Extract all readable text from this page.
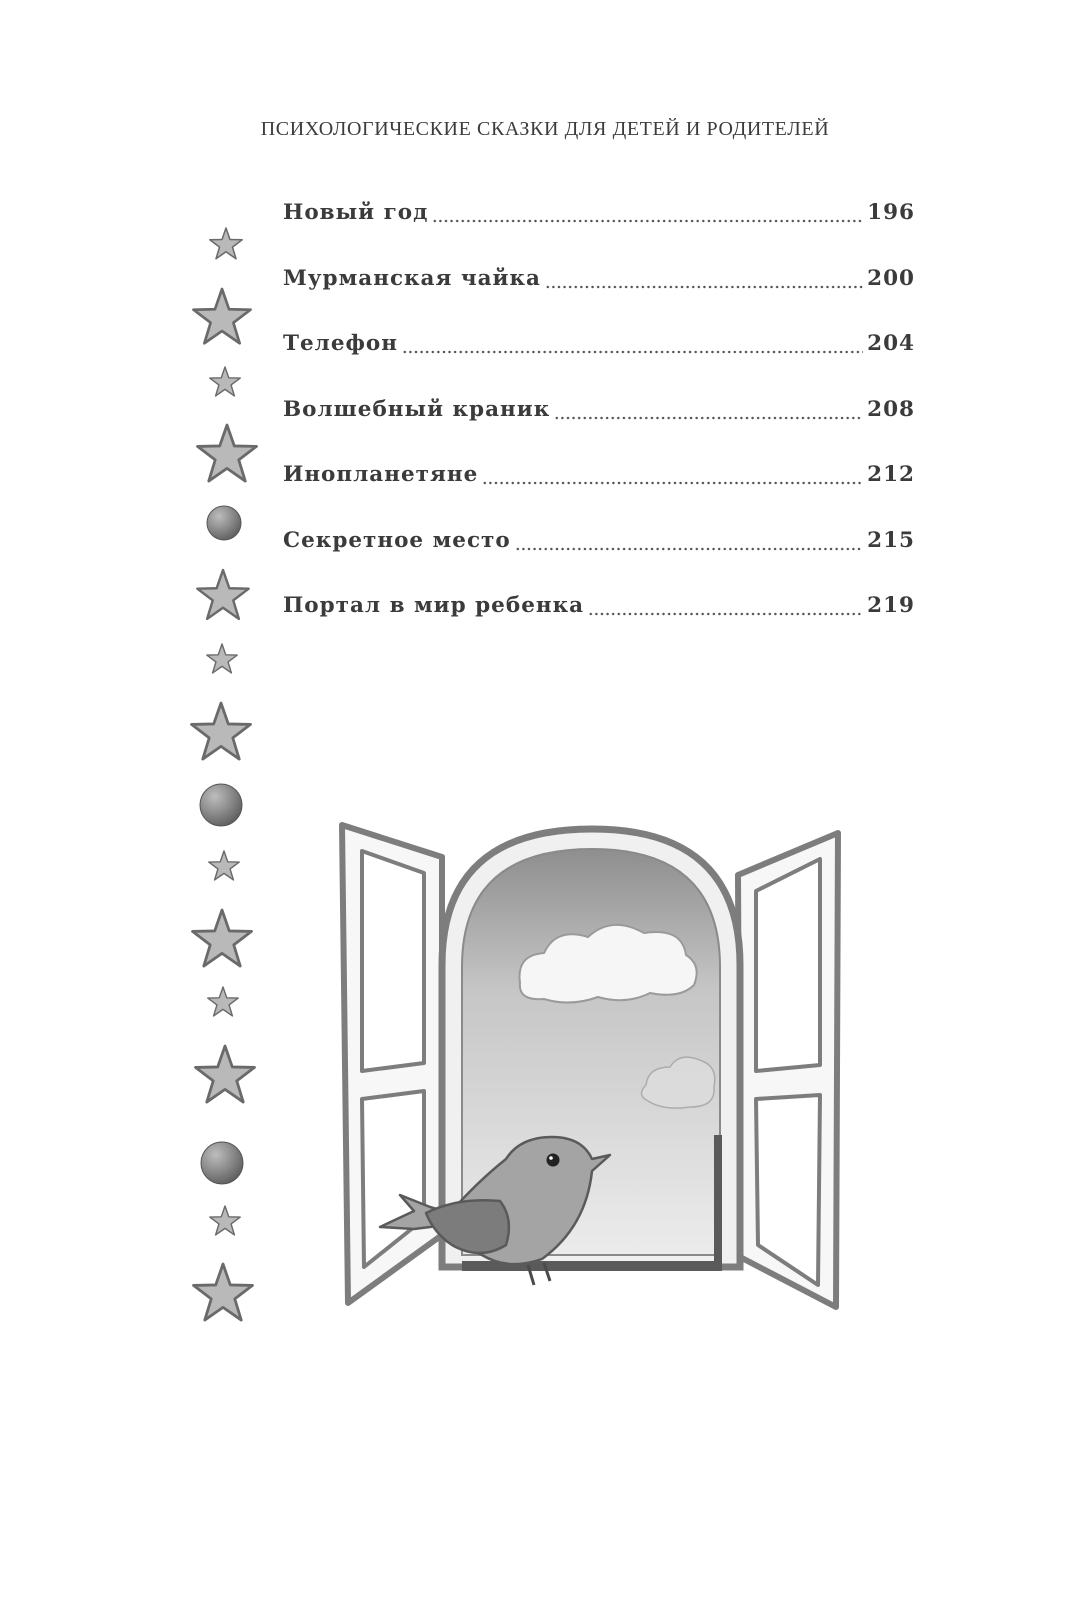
ПСИХОЛОГИЧЕСКИЕ СКАЗКИ ДЛЯ ДЕТЕЙ И РОДИТЕЛЕЙ
Новый год	196
Мурманская чайка	200
Телефон	204
Волшебный краник	208
Инопланетяне	212
Секретное место	215
Портал в мир ребенка	219
